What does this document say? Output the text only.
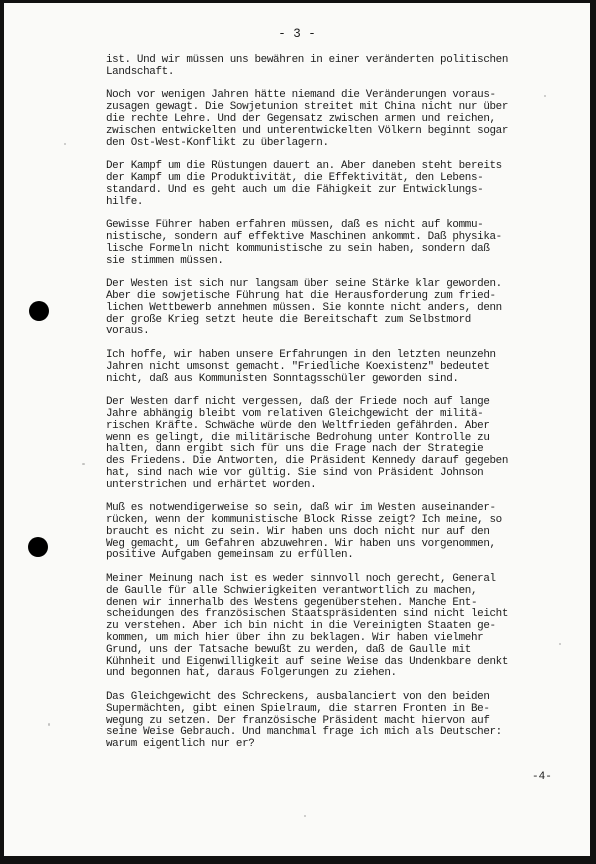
- 3 -
ist. Und wir müssen uns bewähren in einer veränderten politischen
Landschaft.
Noch vor wenigen Jahren hätte niemand die Veränderungen voraus-
zusagen gewagt. Die Sowjetunion streitet mit China nicht nur über
die rechte Lehre. Und der Gegensatz zwischen armen und reichen,
zwischen entwickelten und unterentwickelten Völkern beginnt sogar
den Ost-West-Konflikt zu überlagern.
Der Kampf um die Rüstungen dauert an. Aber daneben steht bereits
der Kampf um die Produktivität, die Effektivität, den Lebens-
standard. Und es geht auch um die Fähigkeit zur Entwicklungs-
hilfe.
Gewisse Führer haben erfahren müssen, daß es nicht auf kommu-
nistische, sondern auf effektive Maschinen ankommt. Daß physika-
lische Formeln nicht kommunistische zu sein haben, sondern daß
sie stimmen müssen.
Der Westen ist sich nur langsam über seine Stärke klar geworden.
Aber die sowjetische Führung hat die Herausforderung zum fried-
lichen Wettbewerb annehmen müssen. Sie konnte nicht anders, denn
der große Krieg setzt heute die Bereitschaft zum Selbstmord
voraus.
Ich hoffe, wir haben unsere Erfahrungen in den letzten neunzehn
Jahren nicht umsonst gemacht. "Friedliche Koexistenz" bedeutet
nicht, daß aus Kommunisten Sonntagsschüler geworden sind.
Der Westen darf nicht vergessen, daß der Friede noch auf lange
Jahre abhängig bleibt vom relativen Gleichgewicht der militä-
rischen Kräfte. Schwäche würde den Weltfrieden gefährden. Aber
wenn es gelingt, die militärische Bedrohung unter Kontrolle zu
halten, dann ergibt sich für uns die Frage nach der Strategie
des Friedens. Die Antworten, die Präsident Kennedy darauf gegeben
hat, sind nach wie vor gültig. Sie sind von Präsident Johnson
unterstrichen und erhärtet worden.
Muß es notwendigerweise so sein, daß wir im Westen auseinander-
rücken, wenn der kommunistische Block Risse zeigt? Ich meine, so
braucht es nicht zu sein. Wir haben uns doch nicht nur auf den
Weg gemacht, um Gefahren abzuwehren. Wir haben uns vorgenommen,
positive Aufgaben gemeinsam zu erfüllen.
Meiner Meinung nach ist es weder sinnvoll noch gerecht, General
de Gaulle für alle Schwierigkeiten verantwortlich zu machen,
denen wir innerhalb des Westens gegenüberstehen. Manche Ent-
scheidungen des französischen Staatspräsidenten sind nicht leicht
zu verstehen. Aber ich bin nicht in die Vereinigten Staaten ge-
kommen, um mich hier über ihn zu beklagen. Wir haben vielmehr
Grund, uns der Tatsache bewußt zu werden, daß de Gaulle mit
Kühnheit und Eigenwilligkeit auf seine Weise das Undenkbare denkt
und begonnen hat, daraus Folgerungen zu ziehen.
Das Gleichgewicht des Schreckens, ausbalanciert von den beiden
Supermächten, gibt einen Spielraum, die starren Fronten in Be-
wegung zu setzen. Der französische Präsident macht hiervon auf
seine Weise Gebrauch. Und manchmal frage ich mich als Deutscher:
warum eigentlich nur er?
-4-
